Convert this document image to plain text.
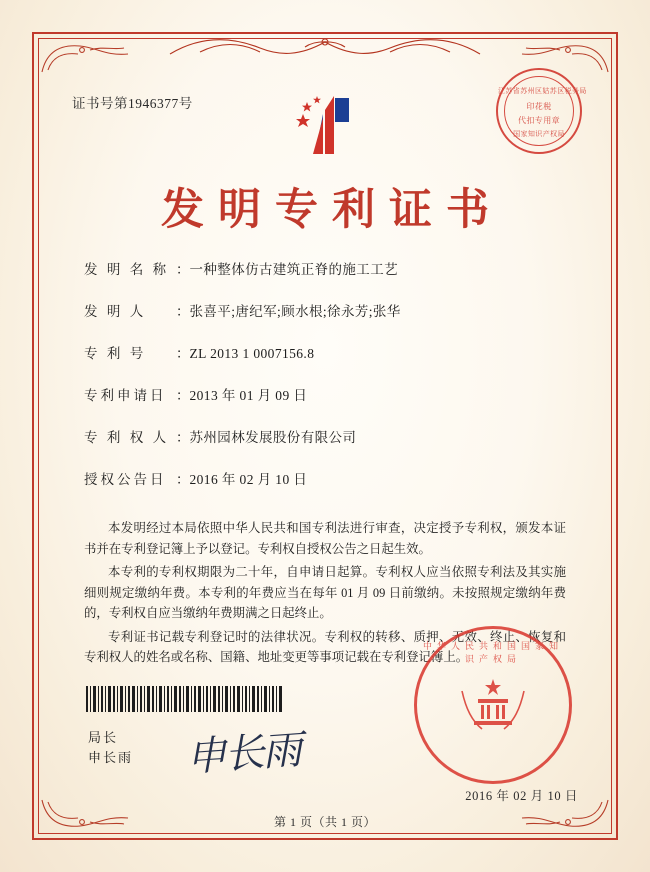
证书号第1946377号
江苏省苏州区姑苏区税务局
印花税
代扣专用章
国家知识产权局
发明专利证书
发 明 名 称 ： 一种整体仿古建筑正脊的施工工艺
发 明 人	： 张喜平;唐纪军;顾水根;徐永芳;张华
专 利 号	： ZL 2013 1 0007156.8
专利申请日 ： 2013 年 01 月 09 日
专 利 权 人 ： 苏州园林发展股份有限公司
授权公告日 ： 2016 年 02 月 10 日

本发明经过本局依照中华人民共和国专利法进行审查，决定授予专利权，颁发本证书并在专利登记簿上予以登记。专利权自授权公告之日起生效。

本专利的专利权期限为二十年，自申请日起算。专利权人应当依照专利法及其实施细则规定缴纳年费。本专利的年费应当在每年 01 月 09 日前缴纳。未按照规定缴纳年费的，专利权自应当缴纳年费期满之日起终止。

专利证书记载专利登记时的法律状况。专利权的转移、质押、无效、终止、恢复和专利权人的姓名或名称、国籍、地址变更等事项记载在专利登记簿上。

局长
申长雨 申长雨
中华人民共和国国家知识产权局
2016 年 02 月 10 日
第 1 页（共 1 页）
